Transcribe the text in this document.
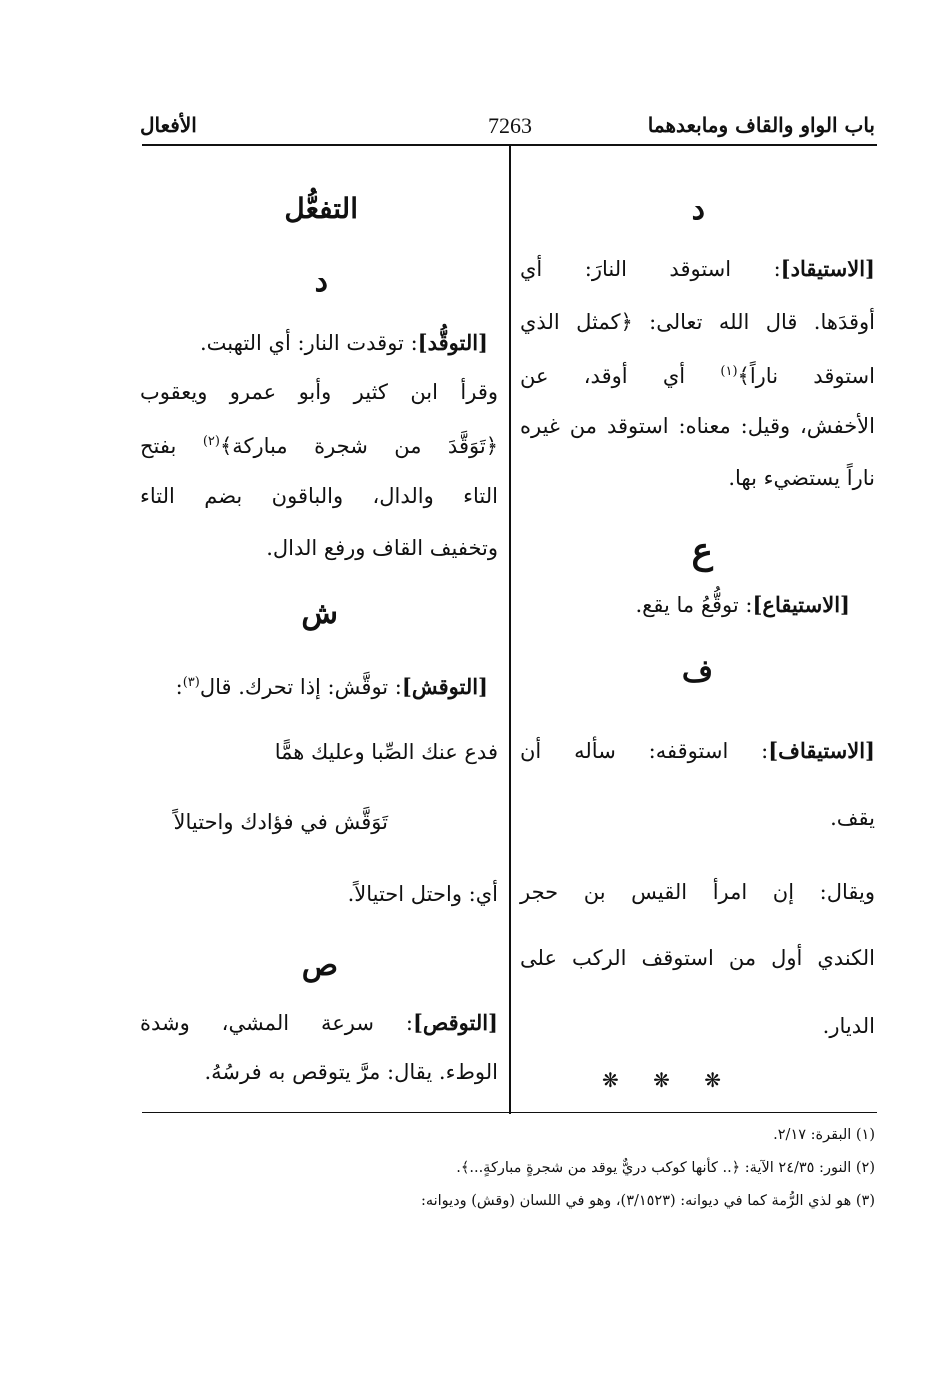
باب الواو والقاف ومابعدهما
7263
الأفعال
د
[الاستيقاد]: استوقد النارَ: أي
أوقدَها. قال الله تعالى: ﴿كمثل الذي
استوقد ناراً﴾$^{(١)}$ أي أوقد، عن
الأخفش، وقيل: معناه: استوقد من غيره
ناراً يستضيء بها.
ع
[الاستيقاع]: توقُّعُ ما يقع.
ف
[الاستيقاف]: استوقفه: سأله أن
يقف.
ويقال: إن امرأ القيس بن حجر
الكندي أول من استوقف الركب على
الديار.
❋ ❋ ❋
التفعُّل
د
[التوقُّد]: توقدت النار: أي التهبت.
وقرأ ابن كثير وأبو عمرو ويعقوب
﴿تَوَقَّدَ من شجرة مباركة﴾$^{(٢)}$ بفتح
التاء والدال، والباقون بضم التاء
وتخفيف القاف ورفع الدال.
ش
[التوقش]: توقَّش: إذا تحرك. قال$^{(٣)}$:
فدع عنك الصِّبا وعليك همًّا
تَوَقَّش في فؤادك واحتيالاً
أي: واحتل احتيالاً.
ص
[التوقص]: سرعة المشي، وشدة
الوطء. يقال: مرَّ يتوقص به فرسُهُ.
(١) البقرة: ٢/١٧.
(٢) النور: ٢٤/٣٥ الآية: ﴿.. كأنها كوكب دريٌّ يوقد من شجرةٍ مباركةٍ...﴾.
(٣) هو لذي الرُّمة كما في ديوانه: (٣/١٥٢٣)، وهو في اللسان (وقش) وديوانه:
